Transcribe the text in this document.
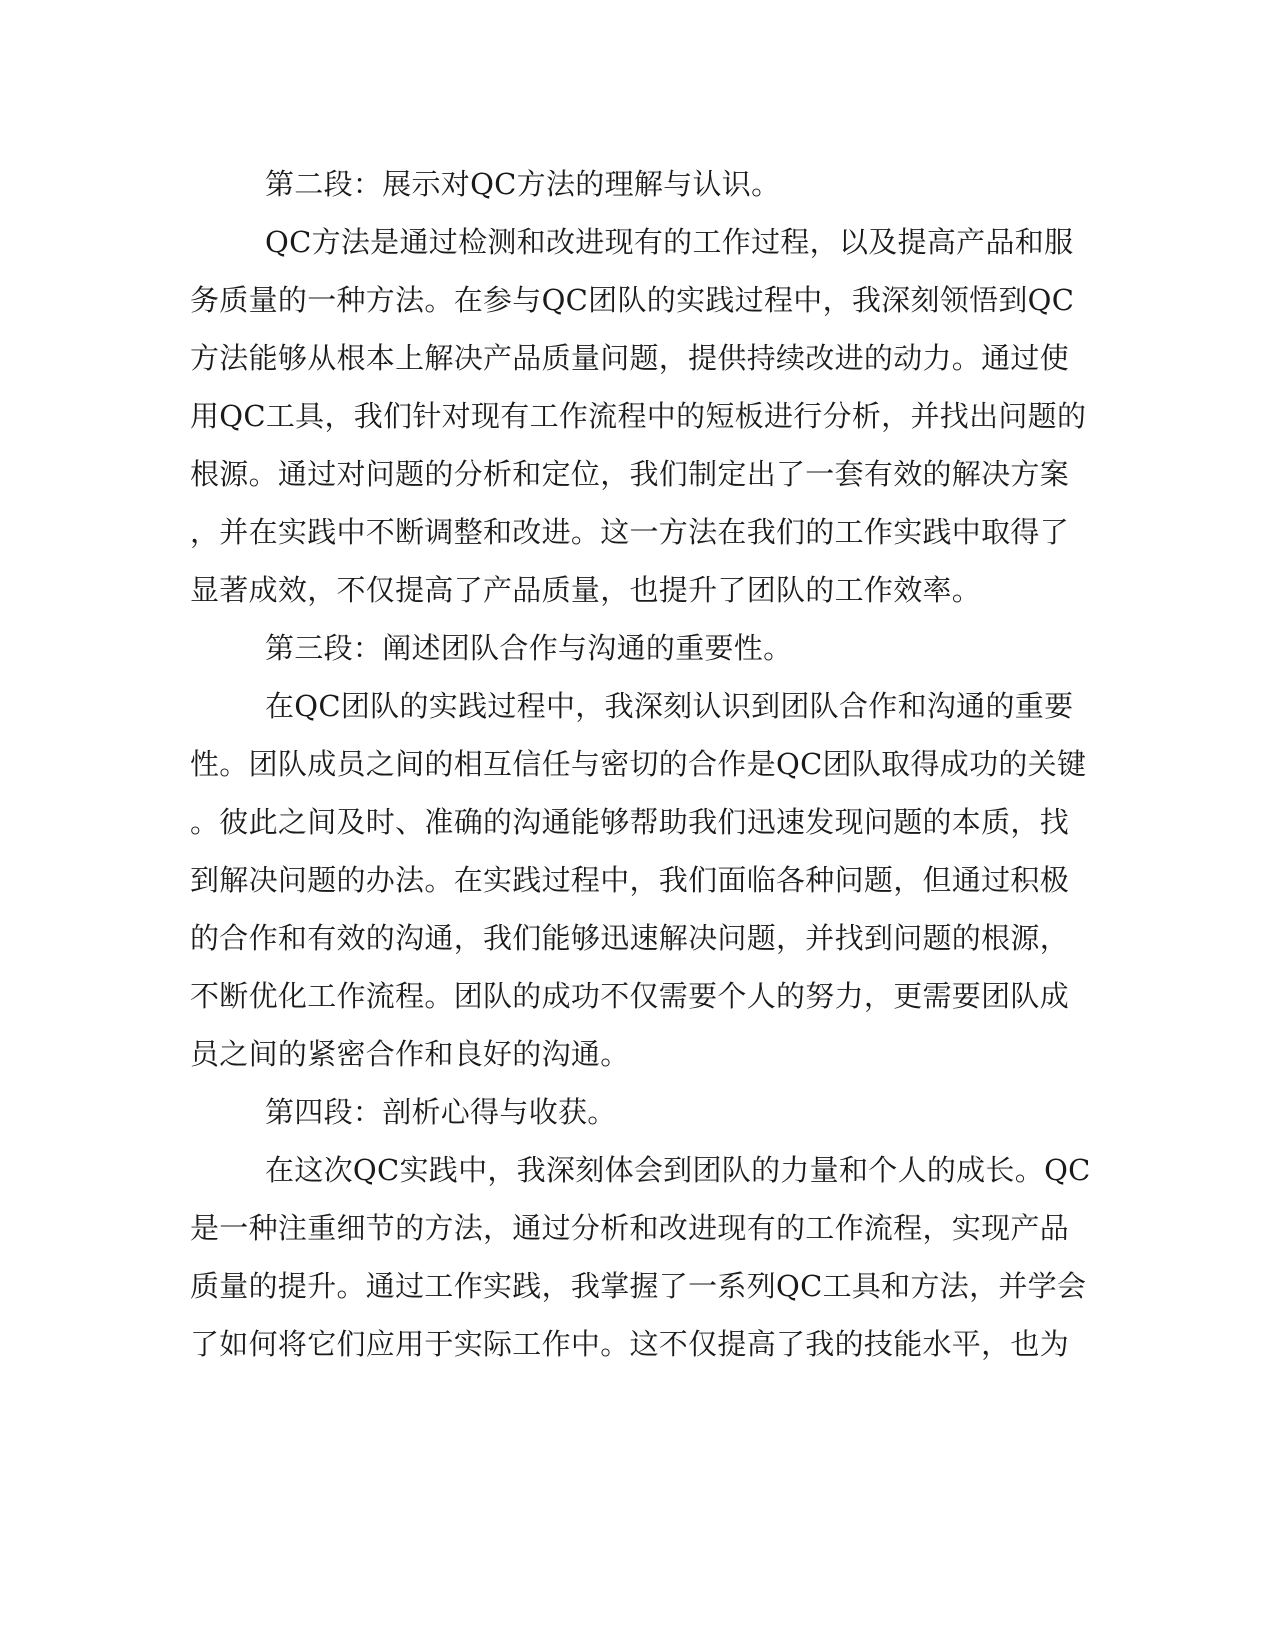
第二段：展示对QC方法的理解与认识。

QC方法是通过检测和改进现有的工作过程，以及提高产品和服

务质量的一种方法。在参与QC团队的实践过程中，我深刻领悟到QC

方法能够从根本上解决产品质量问题，提供持续改进的动力。通过使

用QC工具，我们针对现有工作流程中的短板进行分析，并找出问题的

根源。通过对问题的分析和定位，我们制定出了一套有效的解决方案

，并在实践中不断调整和改进。这一方法在我们的工作实践中取得了

显著成效，不仅提高了产品质量，也提升了团队的工作效率。

第三段：阐述团队合作与沟通的重要性。

在QC团队的实践过程中，我深刻认识到团队合作和沟通的重要

性。团队成员之间的相互信任与密切的合作是QC团队取得成功的关键

。彼此之间及时、准确的沟通能够帮助我们迅速发现问题的本质，找

到解决问题的办法。在实践过程中，我们面临各种问题，但通过积极

的合作和有效的沟通，我们能够迅速解决问题，并找到问题的根源，

不断优化工作流程。团队的成功不仅需要个人的努力，更需要团队成

员之间的紧密合作和良好的沟通。

第四段：剖析心得与收获。

在这次QC实践中，我深刻体会到团队的力量和个人的成长。QC

是一种注重细节的方法，通过分析和改进现有的工作流程，实现产品

质量的提升。通过工作实践，我掌握了一系列QC工具和方法，并学会

了如何将它们应用于实际工作中。这不仅提高了我的技能水平，也为
